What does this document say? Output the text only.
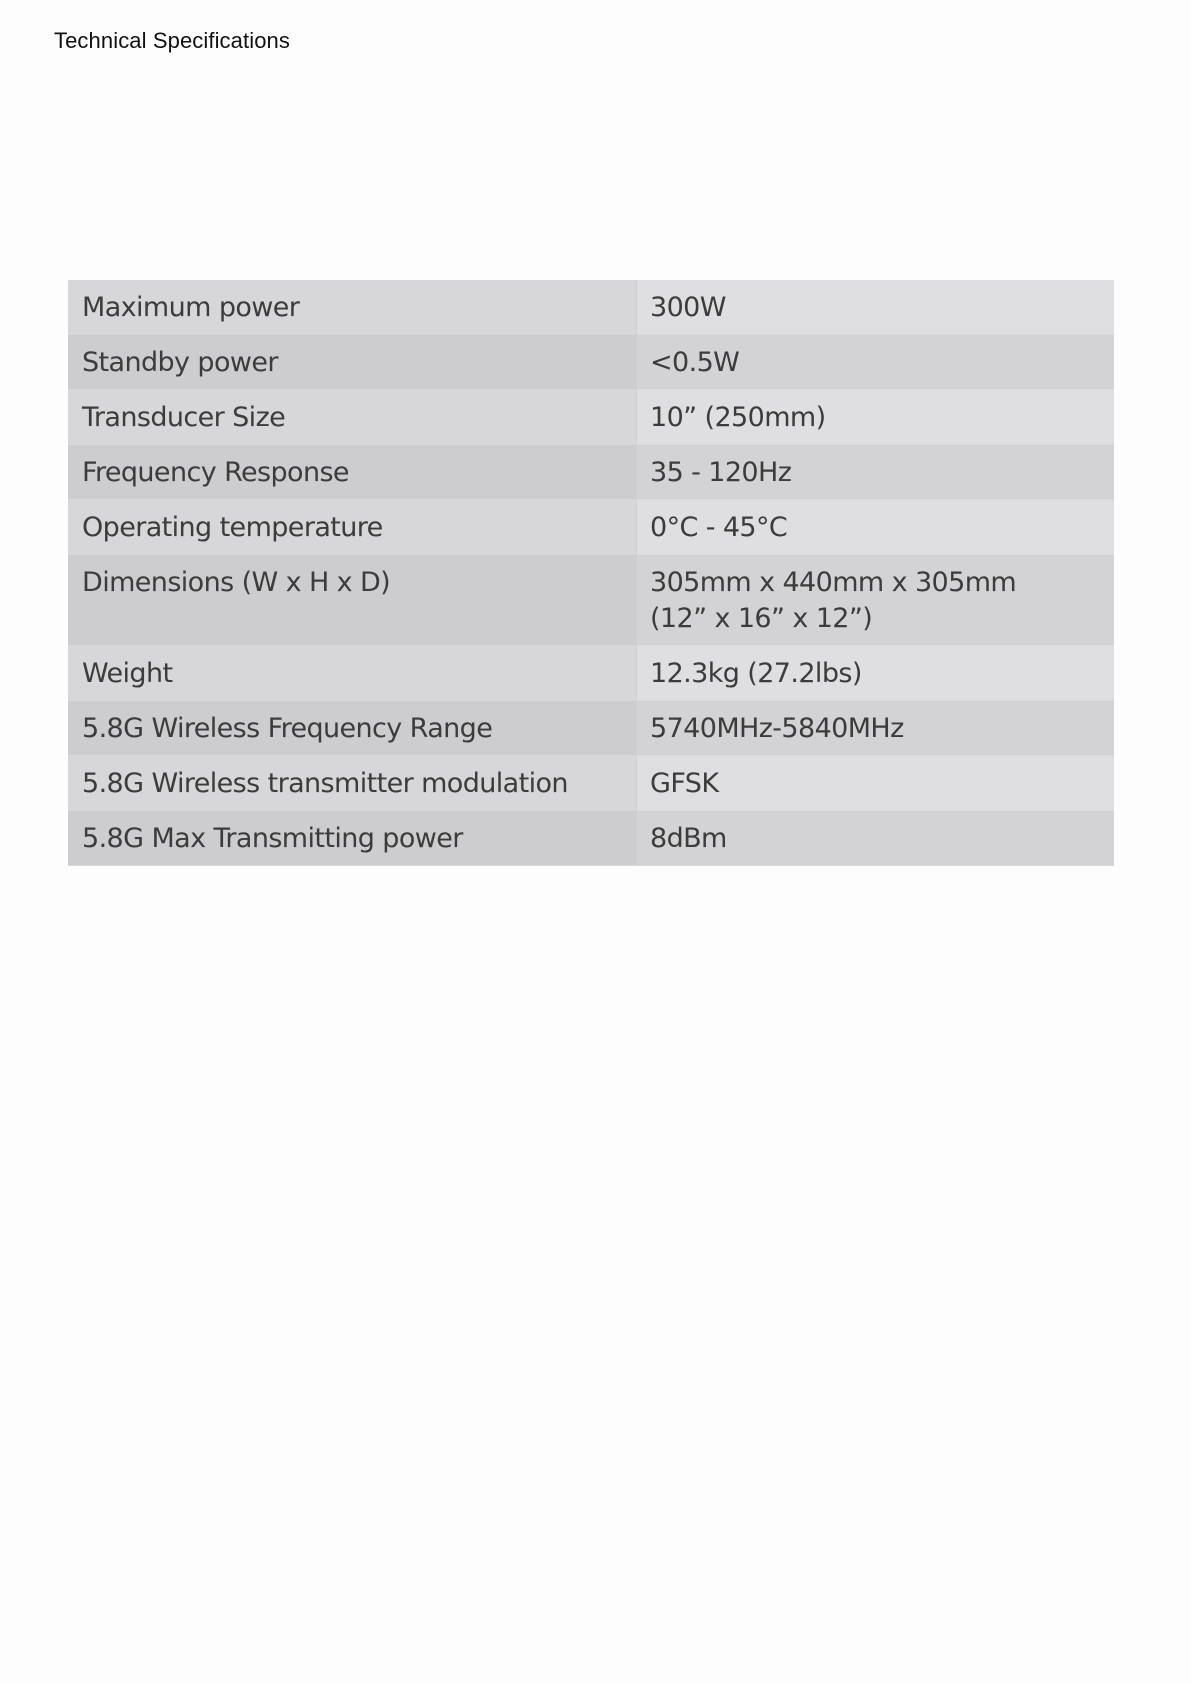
Technical Specifications
Maximum power	300W

Standby power	<0.5W

Transducer Size	10” (250mm)

Frequency Response	35 - 120Hz

Operating temperature	0°C - 45°C

Dimensions (W x H x D)	305mm x 440mm x 305mm
(12” x 16” x 12”)

Weight	12.3kg (27.2lbs)

5.8G Wireless Frequency Range	5740MHz-5840MHz

5.8G Wireless transmitter modulation	GFSK

5.8G Max Transmitting power	8dBm
